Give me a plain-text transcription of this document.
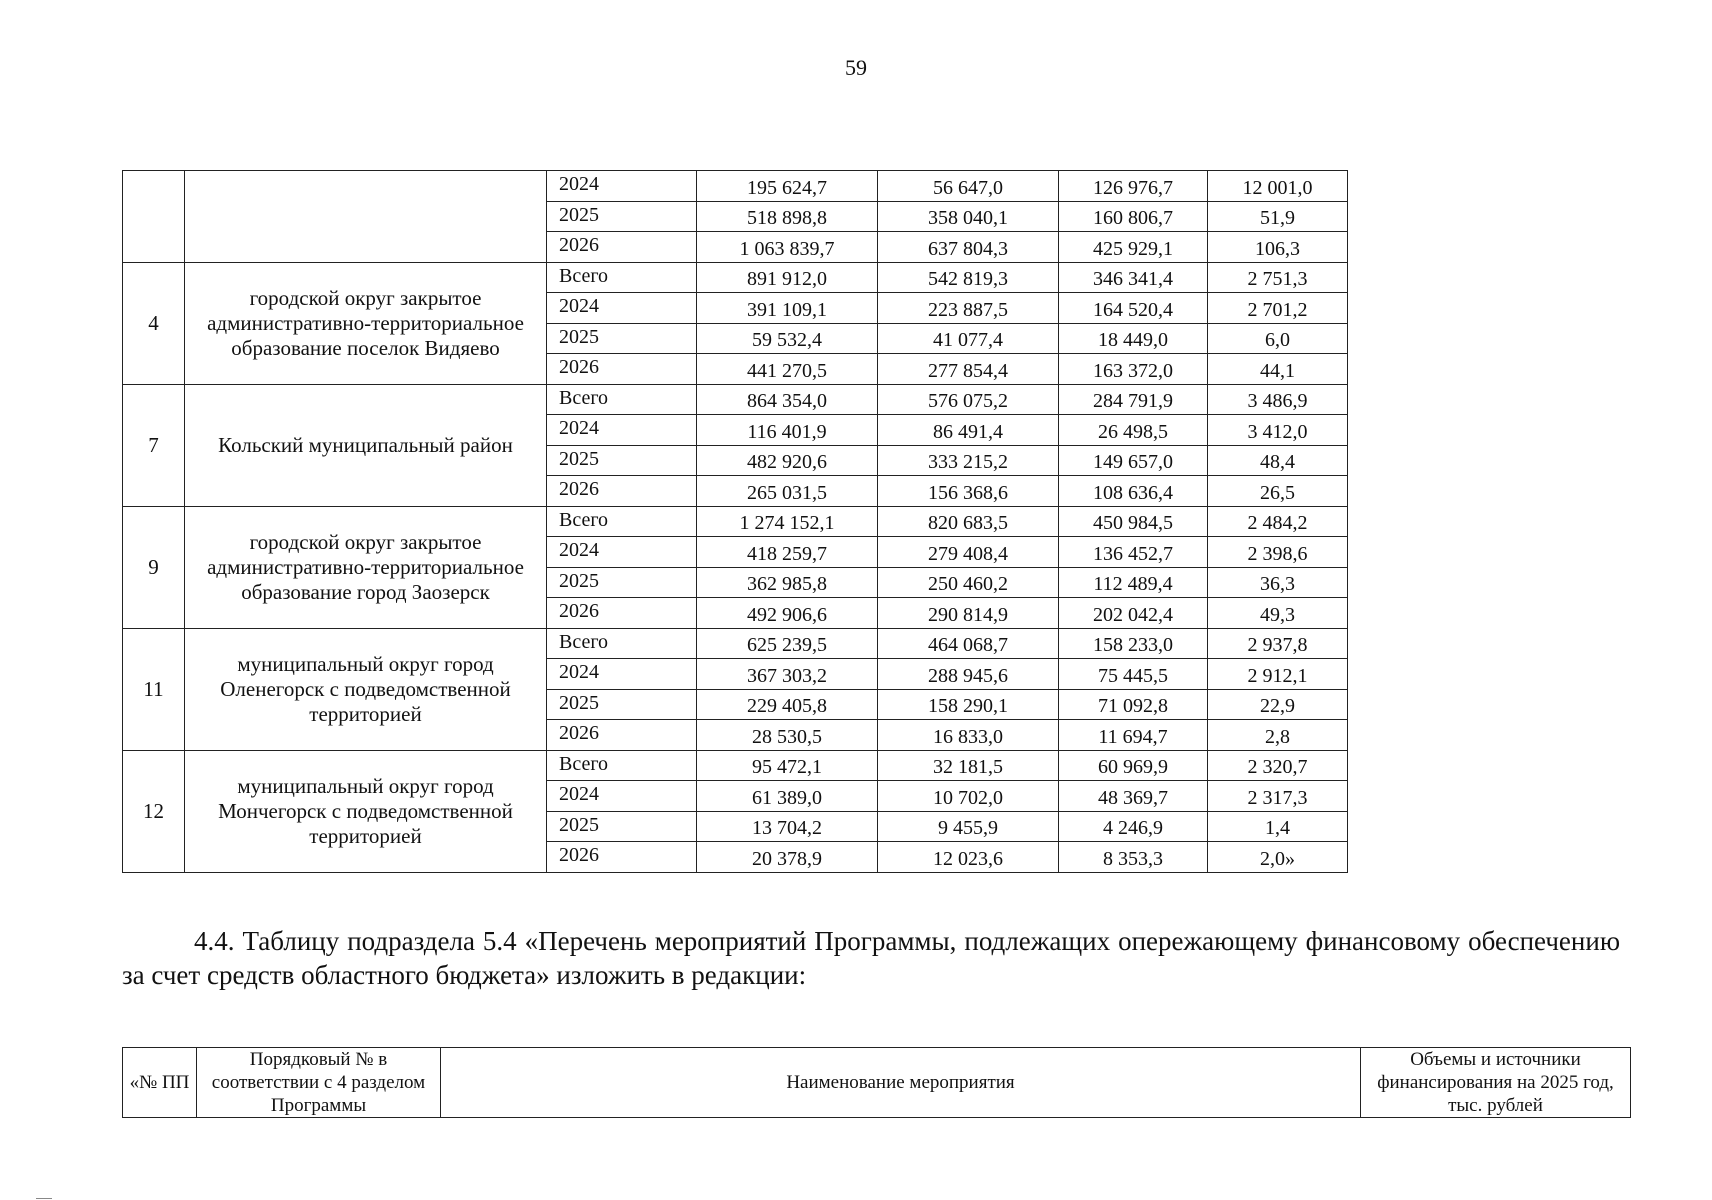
59
		2024	195 624,7	56 647,0	126 976,7	12 001,0
		2025	518 898,8	358 040,1	160 806,7	51,9
		2026	1 063 839,7	637 804,3	425 929,1	106,3
4	городской округ закрытое административно-территориальное образование поселок Видяево	Всего	891 912,0	542 819,3	346 341,4	2 751,3
		2024	391 109,1	223 887,5	164 520,4	2 701,2
		2025	59 532,4	41 077,4	18 449,0	6,0
		2026	441 270,5	277 854,4	163 372,0	44,1
7	Кольский муниципальный район	Всего	864 354,0	576 075,2	284 791,9	3 486,9
		2024	116 401,9	86 491,4	26 498,5	3 412,0
		2025	482 920,6	333 215,2	149 657,0	48,4
		2026	265 031,5	156 368,6	108 636,4	26,5
9	городской округ закрытое административно-территориальное образование город Заозерск	Всего	1 274 152,1	820 683,5	450 984,5	2 484,2
		2024	418 259,7	279 408,4	136 452,7	2 398,6
		2025	362 985,8	250 460,2	112 489,4	36,3
		2026	492 906,6	290 814,9	202 042,4	49,3
11	муниципальный округ город Оленегорск с подведомственной территорией	Всего	625 239,5	464 068,7	158 233,0	2 937,8
		2024	367 303,2	288 945,6	75 445,5	2 912,1
		2025	229 405,8	158 290,1	71 092,8	22,9
		2026	28 530,5	16 833,0	11 694,7	2,8
12	муниципальный округ город Мончегорск с подведомственной территорией	Всего	95 472,1	32 181,5	60 969,9	2 320,7
		2024	61 389,0	10 702,0	48 369,7	2 317,3
		2025	13 704,2	9 455,9	4 246,9	1,4
		2026	20 378,9	12 023,6	8 353,3	2,0»
4.4. Таблицу подраздела 5.4 «Перечень мероприятий Программы, подлежащих опережающему финансовому обеспечению за счет средств областного бюджета» изложить в редакции:
«№ ПП	Порядковый № в соответствии с 4 разделом Программы	Наименование мероприятия	Объемы и источники финансирования на 2025 год, тыс. рублей
